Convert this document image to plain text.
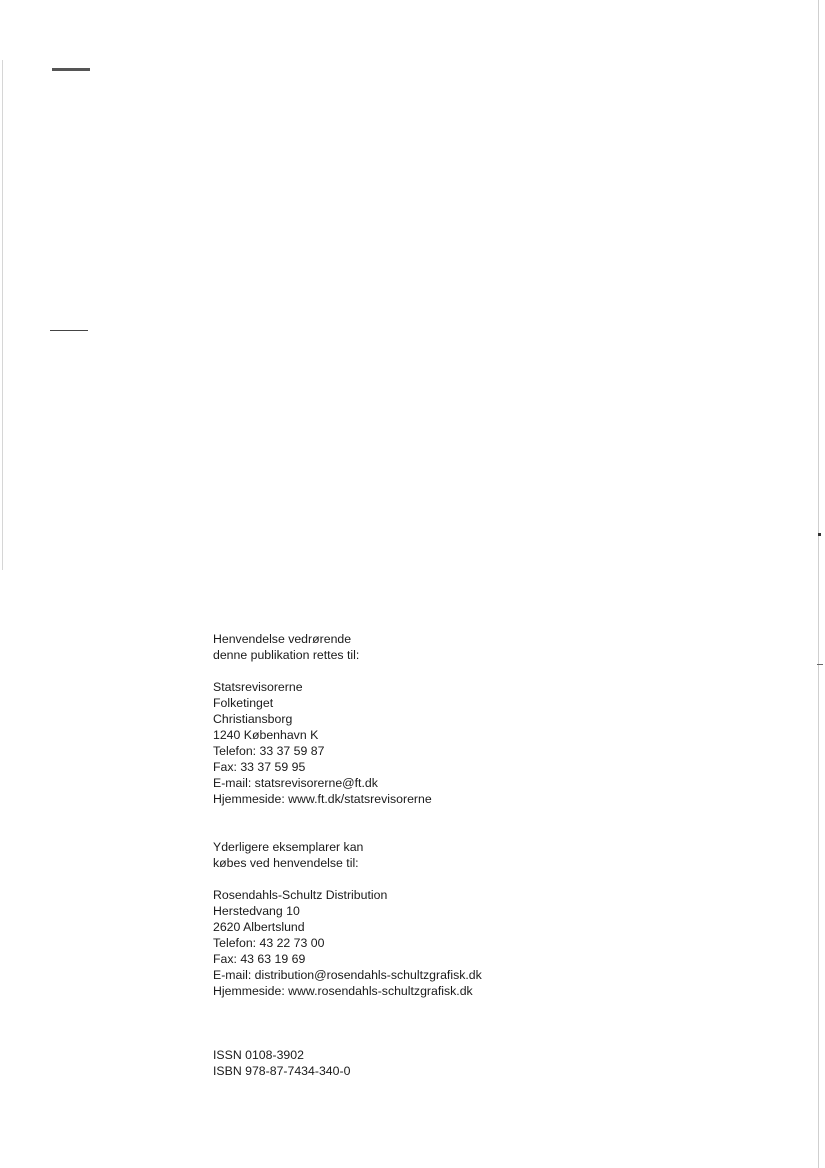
Henvendelse vedrørende
denne publikation rettes til:
Statsrevisorerne
Folketinget
Christiansborg
1240 København K
Telefon: 33 37 59 87
Fax: 33 37 59 95
E-mail: statsrevisorerne@ft.dk
Hjemmeside: www.ft.dk/statsrevisorerne
Yderligere eksemplarer kan
købes ved henvendelse til:
Rosendahls-Schultz Distribution
Herstedvang 10
2620 Albertslund
Telefon: 43 22 73 00
Fax: 43 63 19 69
E-mail: distribution@rosendahls-schultzgrafisk.dk
Hjemmeside: www.rosendahls-schultzgrafisk.dk
ISSN 0108-3902
ISBN 978-87-7434-340-0
